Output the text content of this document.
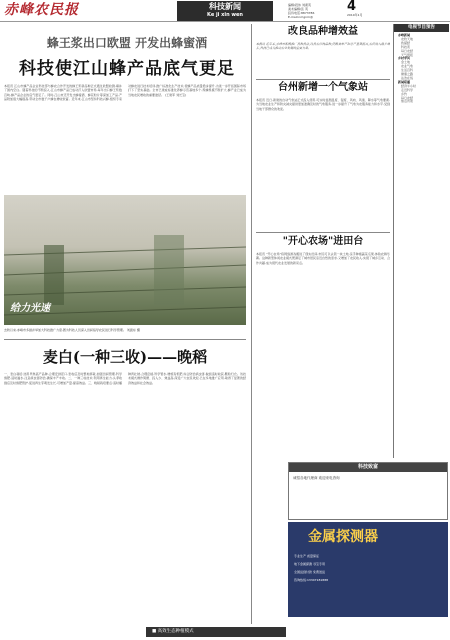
赤峰农民报	科技新闻
Ke ji xin wen
编辑/段伟 刘素英
美术编辑/张 英
投诉电话:8873786
E-mail:nmgnm@
4
2010年1月
蜂王浆出口欧盟 开发出蜂蜜酒
科技使江山蜂产品底气更足
本报讯 江山市蜂产品企业科技部与蜂农合作开发的蜂王浆新品种正式通过欧盟检测,填补了国内空白。随着科技的不断投入,江山市蜂产品已成功打入欧盟市场,每年出口蜂王浆数百吨,蜂产品企业的底气更足了。同时,江山市还开发出蜂蜜酒、蜂花粉片等深加工产品,产品附加值大幅提高,带动全市数千户蜂农增收致富。近年来,江山市坚持科技兴蜂,组织专家对蜂农进行技术培训,推广标准化生产技术,使蜂产品质量稳步提升,为进一步开拓国际市场打下了坚实基础。全市已建成标准化养蜂示范基地多个,养蜂规模不断扩大,蜂产业已成为当地农民增收的重要途径。 (王建军 刘长宝)
给力光速
去秋以来,赤峰市多措并举加大科技推广力度,图为科技人员深入田间指导农民进行科学管理。 刘振东 摄
麦白(一种三收)——晚稻
一、麦白栽培:选用早熟高产品种,合理安排茬口,麦收后及时整地移栽,加强田间管理,科学施肥,适时灌水,注意病虫害防治,确保丰产丰收。二、一种三收技术:利用再生能力,头季收割后及时施肥管护,促进再生芽萌发生长,可增加产量,提高效益。三、晚稻栽培要点:适时播种育壮秧,合理密植,科学管水,增施有机肥,综合防治病虫害,做到适时收获,颗粒归仓。该技术模式操作简便、投入少、效益高,深受广大农民欢迎,已在多地推广应用,取得了显著的经济效益和社会效益。
改良品种增效益
本报讯 近年来,赤峰市积极推广良种良法,改良农作物品种,使粮食单产和总产显著提高,农民收入稳步增长,科技已成为推动农业发展的重要力量。
台州新增一个气象站
本报讯 近日,新建的自动气象站正式投入使用,可实时监测温度、湿度、风向、风速、降水等气象要素,为当地农业生产和防灾减灾提供更加准确及时的气象服务,进一步提升了气象为农服务能力和水平,受到当地干部群众的欢迎。
"开心农场"进田台
本报讯 "开心农场"将网络游戏搬进了现实田间,市民可以认领一块土地,亲手种植蔬菜瓜果,体验农耕乐趣。这种新型休闲农业模式既满足了城市居民亲近自然的需求,又增加了农民收入,实现了城乡互动、合作共赢,成为现代农业发展的新亮点。
电视节目预告
赤峰新闻
农牧天地
致富经
科技苑
每日农经
天气预报
乡村季风
金土地
农业气象
生活百科
健康之路
法治在线
新闻联播
经济半小时
走近科学
乡约
每日农经
焦点访谈
科技致富
诚招各地代理商 欢迎来电咨询
金属探测器
专业生产 质量保证
地下金属探测 寻宝专用
全国货到付款 免费送货
咨询热线:13347181888
■ 高效生态种植模式
